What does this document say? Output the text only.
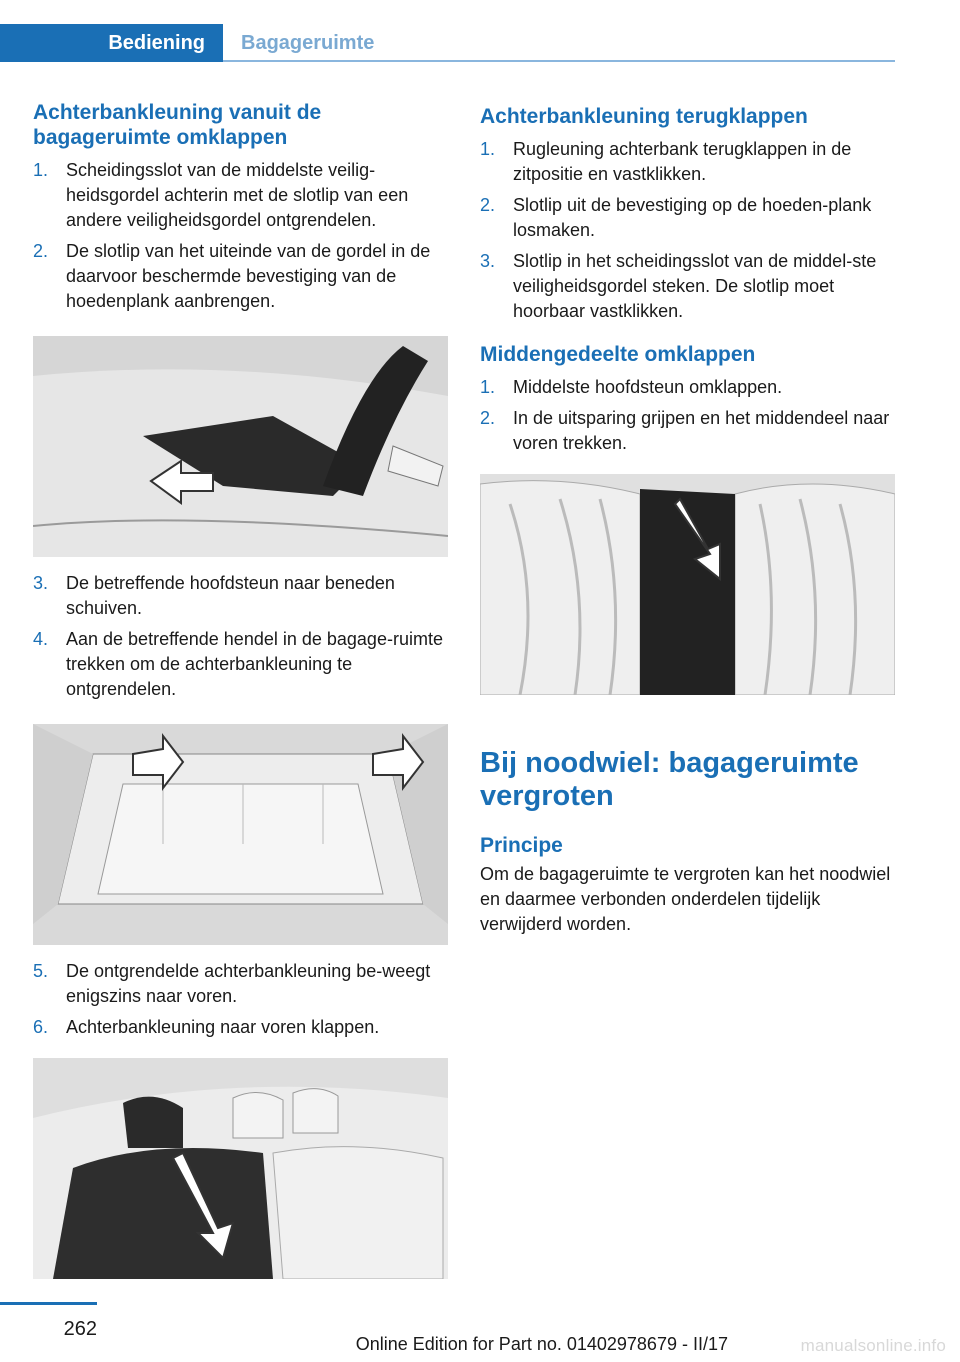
Bediening	Bagageruimte
Achterbankleuning vanuit de bagageruimte omklappen
1. Scheidingsslot van de middelste veilig‐heidsgordel achterin met de slotlip van een andere veiligheidsgordel ontgrendelen.
2. De slotlip van het uiteinde van de gordel in de daarvoor beschermde bevestiging van de hoedenplank aanbrengen.
3. De betreffende hoofdsteun naar beneden schuiven.
4. Aan de betreffende hendel in de bagage‐ruimte trekken om de achterbankleuning te ontgrendelen.
5. De ontgrendelde achterbankleuning be‐weegt enigszins naar voren.
6. Achterbankleuning naar voren klappen.
Achterbankleuning terugklappen
1. Rugleuning achterbank terugklappen in de zitpositie en vastklikken.
2. Slotlip uit de bevestiging op de hoeden‐plank losmaken.
3. Slotlip in het scheidingsslot van de middel‐ste veiligheidsgordel steken. De slotlip moet hoorbaar vastklikken.
Middengedeelte omklappen
1. Middelste hoofdsteun omklappen.
2. In de uitsparing grijpen en het middendeel naar voren trekken.
Bij noodwiel: bagageruimte vergroten
Principe

Om de bagageruimte te vergroten kan het noodwiel en daarmee verbonden onderdelen tijdelijk verwijderd worden.

262
Online Edition for Part no. 01402978679 - II/17	manualsonline.info
